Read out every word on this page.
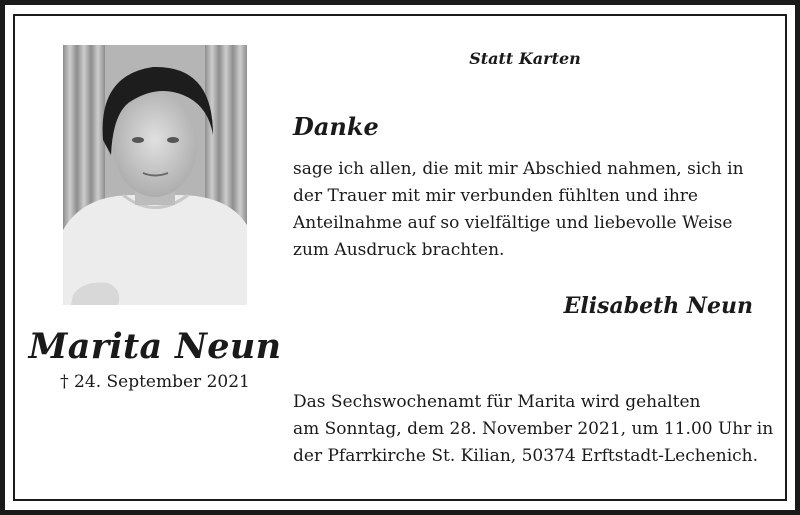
Marita Neun
† 24. September 2021
Statt Karten
Danke
sage ich allen, die mit mir Abschied nahmen, sich in
der Trauer mit mir verbunden fühlten und ihre
Anteilnahme auf so vielfältige und liebevolle Weise
zum Ausdruck brachten.
Elisabeth Neun
Das Sechswochenamt für Marita wird gehalten
am Sonntag, dem 28. November 2021, um 11.00 Uhr in
der Pfarrkirche St. Kilian, 50374 Erftstadt-Lechenich.
